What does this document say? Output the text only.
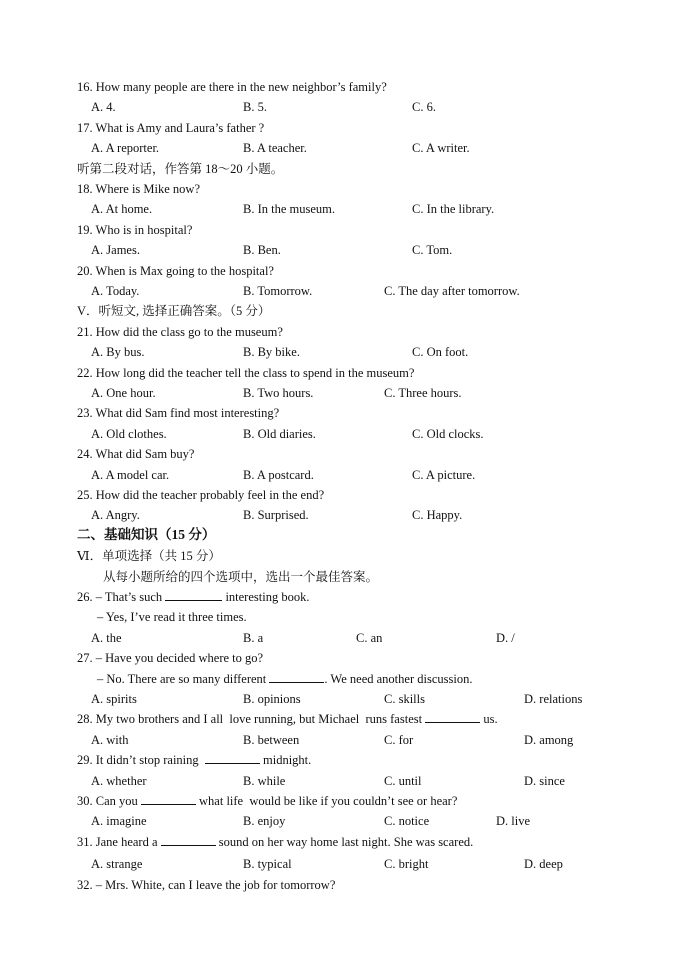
16. How many people are there in the new neighbor’s family?
A. 4.	B. 5.	C. 6.
17. What is Amy and Laura’s father ?
A. A reporter.	B. A teacher.	C. A writer.
听第二段对话，作答第 18～20 小题。
18. Where is Mike now?
A. At home.	B. In the museum.	C. In the library.
19. Who is in hospital?
A. James.	B. Ben.	C. Tom.
20. When is Max going to the hospital?
A. Today.	B. Tomorrow.	C. The day after tomorrow.
V．听短文, 选择正确答案。（5 分）
21. How did the class go to the museum?
A. By bus.	B. By bike.	C. On foot.
22. How long did the teacher tell the class to spend in the museum?
A. One hour.	B. Two hours.	C. Three hours.
23. What did Sam find most interesting?
A. Old clothes.	B. Old diaries.	C. Old clocks.
24. What did Sam buy?
A. A model car.	B. A postcard.	C. A picture.
25. How did the teacher probably feel in the end?
A. Angry.	B. Surprised.	C. Happy.
二、基础知识（15 分）
Ⅵ．单项选择（共 15 分）
从每小题所给的四个选项中，选出一个最佳答案。
26. – That’s such	interesting book.
– Yes, I’ve read it three times.
A. the	B. a	C. an	D. /
27. – Have you decided where to go?
– No. There are so many different	. We need another discussion.
A. spirits	B. opinions	C. skills	D. relations
28. My two brothers and I all  love running, but Michael  runs fastest	us.
A. with	B. between	C. for	D. among
29. It didn’t stop raining	midnight.
A. whether	B. while	C. until	D. since
30. Can you	what life  would be like if you couldn’t see or hear?
A. imagine	B. enjoy	C. notice	D. live
31. Jane heard a	sound on her way home last night. She was scared.
A. strange	B. typical	C. bright	D. deep
32. – Mrs. White, can I leave the job for tomorrow?
